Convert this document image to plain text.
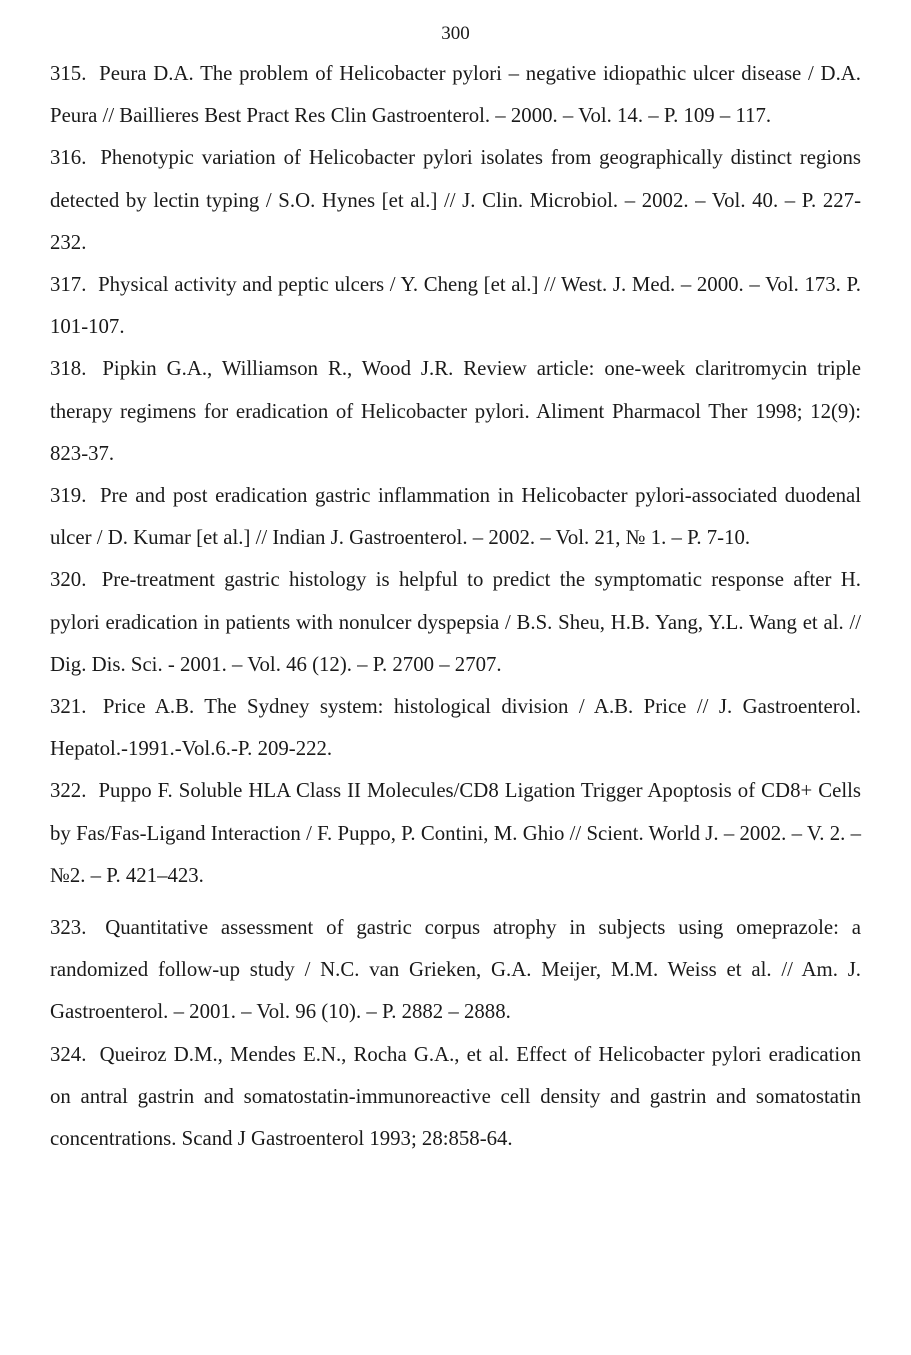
300

315. Peura D.A. The problem of Helicobacter pylori – negative idiopathic ulcer disease / D.A. Peura // Baillieres Best Pract Res Clin Gastroenterol. – 2000. – Vol. 14. – P. 109 – 117.

316. Phenotypic variation of Helicobacter pylori isolates from geographically distinct regions detected by lectin typing / S.O. Hynes [et al.] // J. Clin. Microbiol. – 2002. – Vol. 40. – P. 227-232.

317. Physical activity and peptic ulcers / Y. Cheng [et al.] // West. J. Med. – 2000. – Vol. 173. P. 101-107.

318. Pipkin G.A., Williamson R., Wood J.R. Review article: one-week claritromycin triple therapy regimens for eradication of Helicobacter pylori. Aliment Pharmacol Ther 1998; 12(9): 823-37.

319. Pre and post eradication gastric inflammation in Helicobacter pylori-associated duodenal ulcer / D. Kumar [et al.] // Indian J. Gastroenterol. – 2002. – Vol. 21, № 1. – P. 7-10.

320. Pre-treatment gastric histology is helpful to predict the symptomatic response after H. pylori eradication in patients with nonulcer dyspepsia / B.S. Sheu, H.B. Yang, Y.L. Wang et al. // Dig. Dis. Sci. - 2001. – Vol. 46 (12). – P. 2700 – 2707.

321. Price A.B. The Sydney system: histological division / A.B. Price // J. Gastroenterol. Hepatol.-1991.-Vol.6.-P. 209-222.

322. Puppo F. Soluble HLA Class II Molecules/CD8 Ligation Trigger Apoptosis of CD8+ Cells by Fas/Fas-Ligand Interaction / F. Puppo, P. Contini, M. Ghio // Scient. World J. – 2002. – V. 2. – №2. – P. 421–423.

323. Quantitative assessment of gastric corpus atrophy in subjects using omeprazole: a randomized follow-up study / N.C. van Grieken, G.A. Meijer, M.M. Weiss et al. // Am. J. Gastroenterol. – 2001. – Vol. 96 (10). – P. 2882 – 2888.

324. Queiroz D.M., Mendes E.N., Rocha G.A., et al. Effect of Helicobacter pylori eradication on antral gastrin and somatostatin-immunoreactive cell density and gastrin and somatostatin concentrations. Scand J Gastroenterol 1993; 28:858-64.
